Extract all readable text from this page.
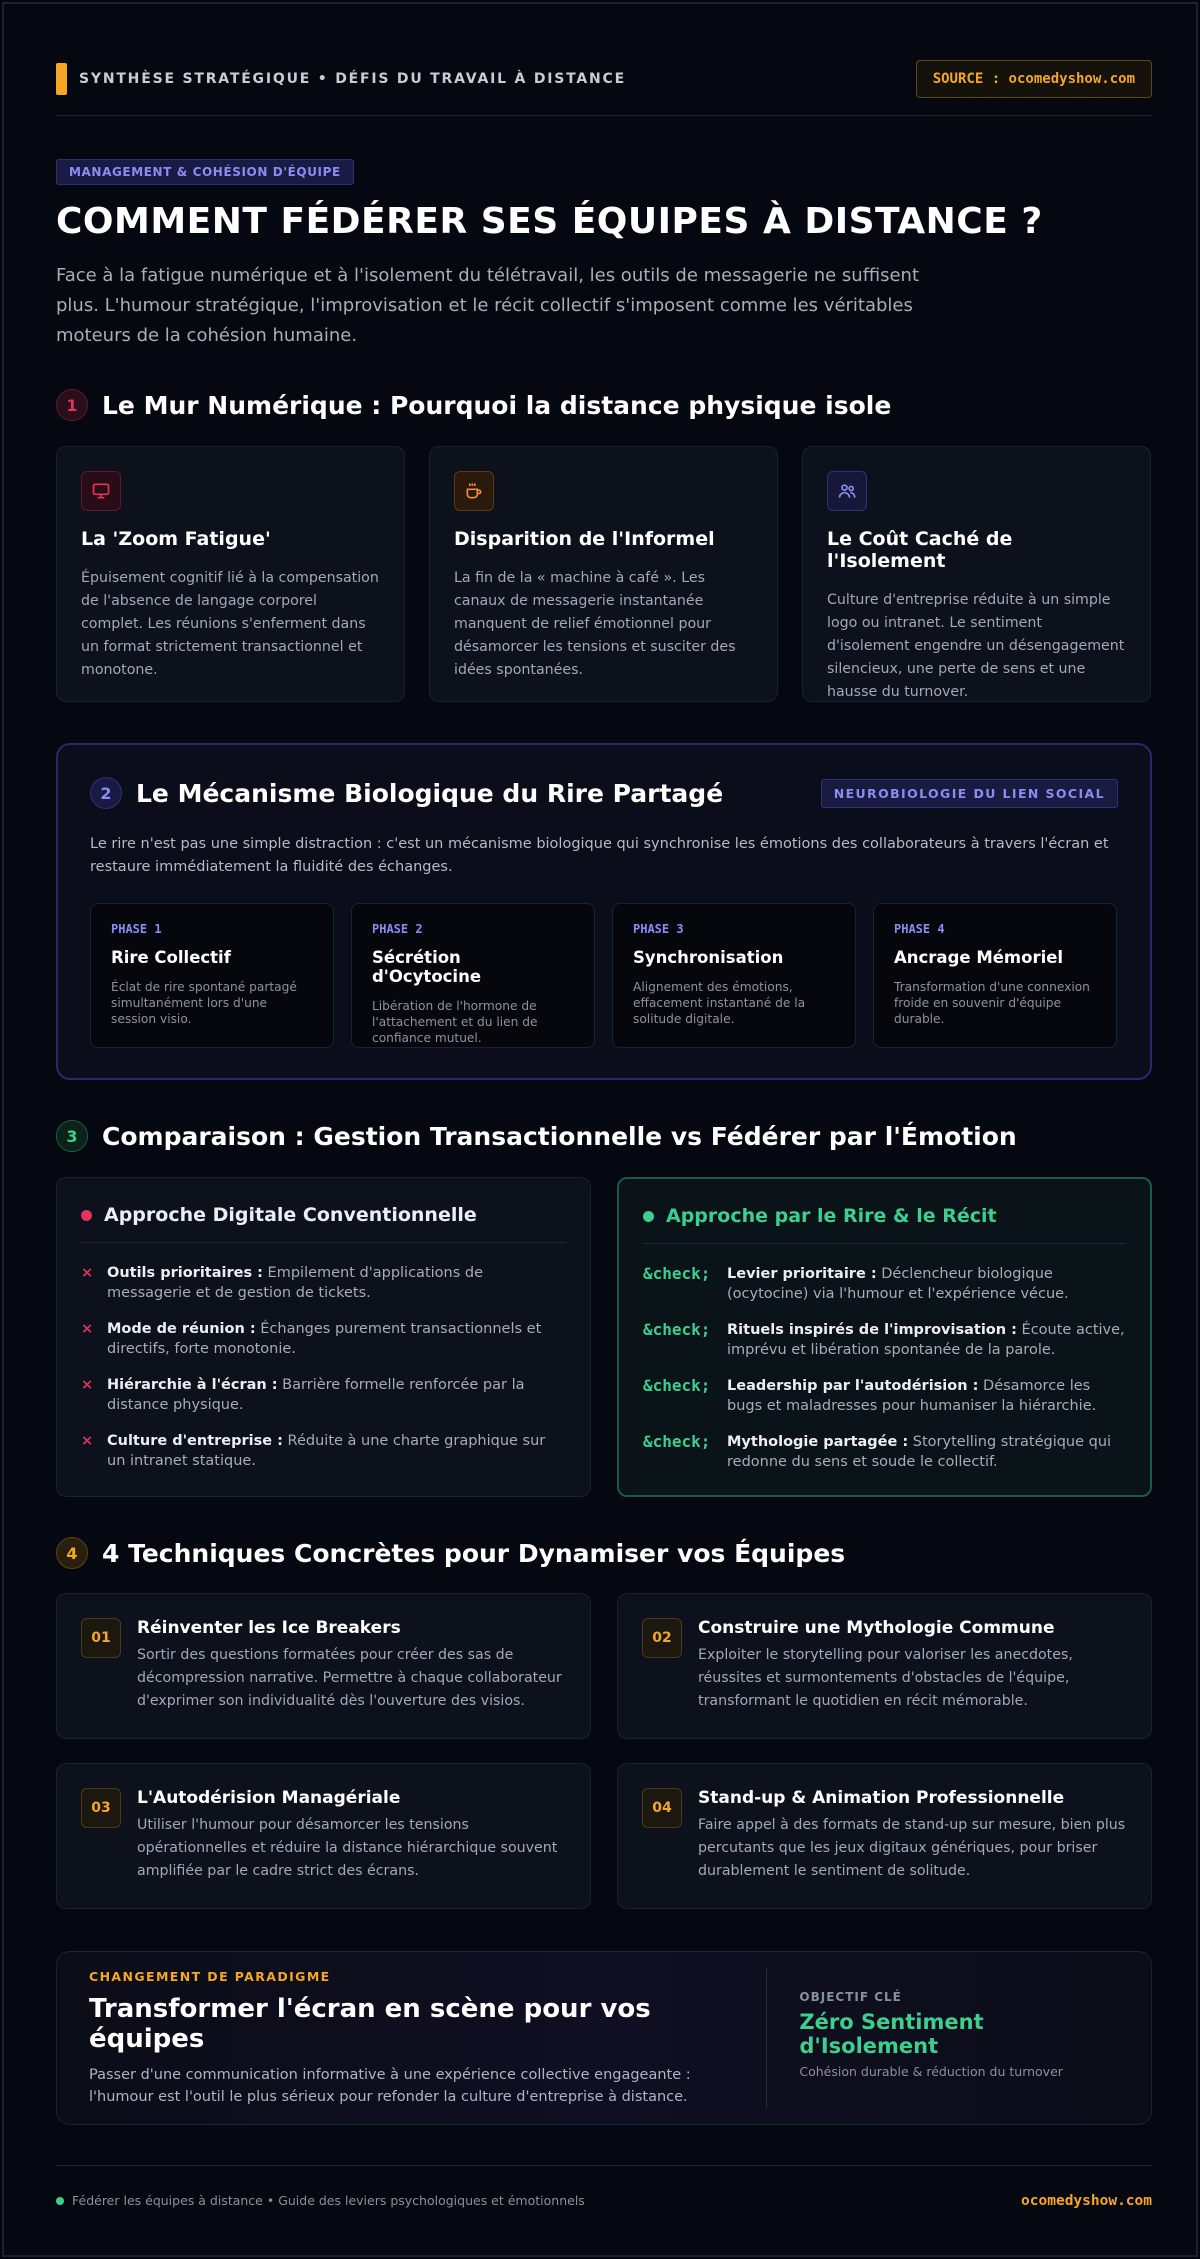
SYNTHÈSE STRATÉGIQUE • DÉFIS DU TRAVAIL À DISTANCE	SOURCE : ocomedyshow.com
MANAGEMENT & COHÉSION D'ÉQUIPE
COMMENT FÉDÉRER SES ÉQUIPES À DISTANCE ?
Face à la fatigue numérique et à l'isolement du télétravail, les outils de messagerie ne suffisent plus. L'humour stratégique, l'improvisation et le récit collectif s'imposent comme les véritables moteurs de la cohésion humaine.
1 Le Mur Numérique : Pourquoi la distance physique isole
La 'Zoom Fatigue'

Épuisement cognitif lié à la compensation de l'absence de langage corporel complet. Les réunions s'enferment dans un format strictement transactionnel et monotone.

Disparition de l'Informel

La fin de la « machine à café ». Les canaux de messagerie instantanée manquent de relief émotionnel pour désamorcer les tensions et susciter des idées spontanées.

Le Coût Caché de l'Isolement

Culture d'entreprise réduite à un simple logo ou intranet. Le sentiment d'isolement engendre un désengagement silencieux, une perte de sens et une hausse du turnover.

2 Le Mécanisme Biologique du Rire Partagé	NEUROBIOLOGIE DU LIEN SOCIAL
Le rire n'est pas une simple distraction : c'est un mécanisme biologique qui synchronise les émotions des collaborateurs à travers l'écran et restaure immédiatement la fluidité des échanges.
PHASE 1
Rire Collectif

Éclat de rire spontané partagé simultanément lors d'une session visio.

PHASE 2
Sécrétion d'Ocytocine

Libération de l'hormone de l'attachement et du lien de confiance mutuel.

PHASE 3
Synchronisation

Alignement des émotions, effacement instantané de la solitude digitale.

PHASE 4
Ancrage Mémoriel

Transformation d'une connexion froide en souvenir d'équipe durable.

3 Comparaison : Gestion Transactionnelle vs Fédérer par l'Émotion
Approche Digitale Conventionnelle
× Outils prioritaires : Empilement d'applications de messagerie et de gestion de tickets.
× Mode de réunion : Échanges purement transactionnels et directifs, forte monotonie.
× Hiérarchie à l'écran : Barrière formelle renforcée par la distance physique.
× Culture d'entreprise : Réduite à une charte graphique sur un intranet statique.
Approche par le Rire & le Récit
&check;	Levier prioritaire : Déclencheur biologique (ocytocine) via l'humour et l'expérience vécue.
&check;	Rituels inspirés de l'improvisation : Écoute active, imprévu et libération spontanée de la parole.
&check;	Leadership par l'autodérision : Désamorce les bugs et maladresses pour humaniser la hiérarchie.
&check;	Mythologie partagée : Storytelling stratégique qui redonne du sens et soude le collectif.
4 4 Techniques Concrètes pour Dynamiser vos Équipes
01	Réinventer les Ice Breakers

Sortir des questions formatées pour créer des sas de décompression narrative. Permettre à chaque collaborateur d'exprimer son individualité dès l'ouverture des visios.

02	Construire une Mythologie Commune

Exploiter le storytelling pour valoriser les anecdotes, réussites et surmontements d'obstacles de l'équipe, transformant le quotidien en récit mémorable.

03	L'Autodérision Managériale

Utiliser l'humour pour désamorcer les tensions opérationnelles et réduire la distance hiérarchique souvent amplifiée par le cadre strict des écrans.

04	Stand-up & Animation Professionnelle

Faire appel à des formats de stand-up sur mesure, bien plus percutants que les jeux digitaux génériques, pour briser durablement le sentiment de solitude.

CHANGEMENT DE PARADIGME
Transformer l'écran en scène pour vos équipes

Passer d'une communication informative à une expérience collective engageante : l'humour est l'outil le plus sérieux pour refonder la culture d'entreprise à distance.

OBJECTIF CLÉ
Zéro Sentiment d'Isolement
Cohésion durable & réduction du turnover
Fédérer les équipes à distance • Guide des leviers psychologiques et émotionnels	ocomedyshow.com
